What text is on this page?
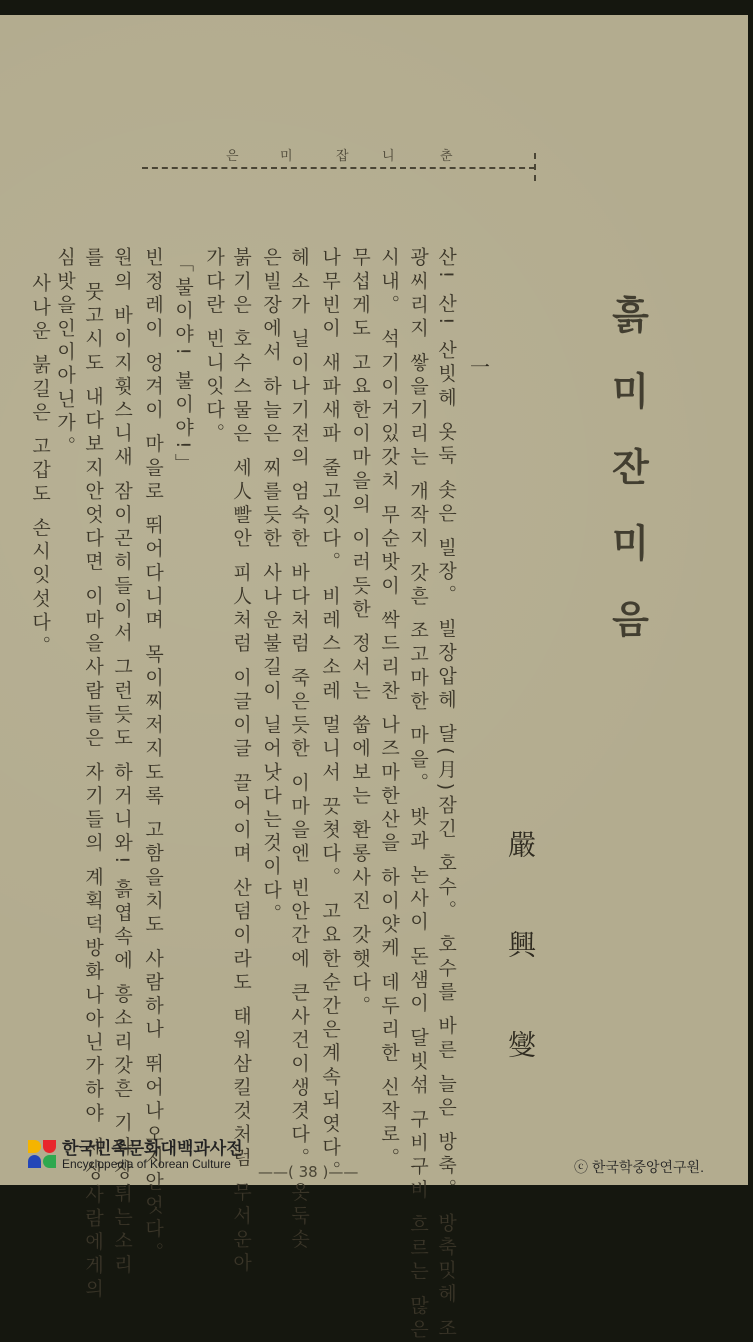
은	미	잡	니	춘
흙미잔미음
嚴興燮
一
산! 산! 산빗헤 옷둑 솟은 빌장。 빌장압헤 달(月)잠긴 호수。 호수를 바른 늘은 방축。 방축밋헤 조
광씨리지 쌓을기리는 개작지 갓흔 조고마한 마을。 밧과 논사이 돈샘이 달빗섞 구비구비 흐르는 많은
시내。 석기이거있갓치 무순밧이 싹드리찬 나즈마한산을 하이얏케 데두리한 신작로。
무섭게도 고요한이마을의 이러듯한 정서는 쑵에보는 환롱사진 갓햇다。
나무빈이 새파새파 줄고잇다。 비레스소레 멀니서 끗쳣다。 고요한순간은계속되엿다。
헤소가 닐이나기전의 엄숙한 바다처럼 죽은듯한 이마을엔 빈안간에 큰사건이생겻다。 옷둑솟
은빌장에서 하늘은 찌를듯한 사나운불길이 닐어낫다는것이다。
붉기은 호수스물은 세人빨안 피人처럼 이글이글 끌어이며 산덤이라도 태워삼킬것처럼 무서운아
가다란 빈니잇다。
「불이야! 불이야!」
빈정레이 엉겨이 마을로 뛰어다니며 목이찌저지도록 고함을치도 사람하나 뛰어나오지안엇다。
원의 바이지휫스니새 잠이곤히들이서 그런듯도 하거니와! 흙엽속에 흥소리갓흔 기와장튀는소리
를 뭇고시도 내다보지안엇다면 이마을사람들은 자기들의 계획덕방화나아닌가하야 세상사람에게의
심밧을인이아닌가。
사나운 붉길은 고갑도 손시잇섯다。
——( 38 )——
한국민족문화대백과사전
Encyclopedia of Korean Culture	ⓒ 한국학중앙연구원.
